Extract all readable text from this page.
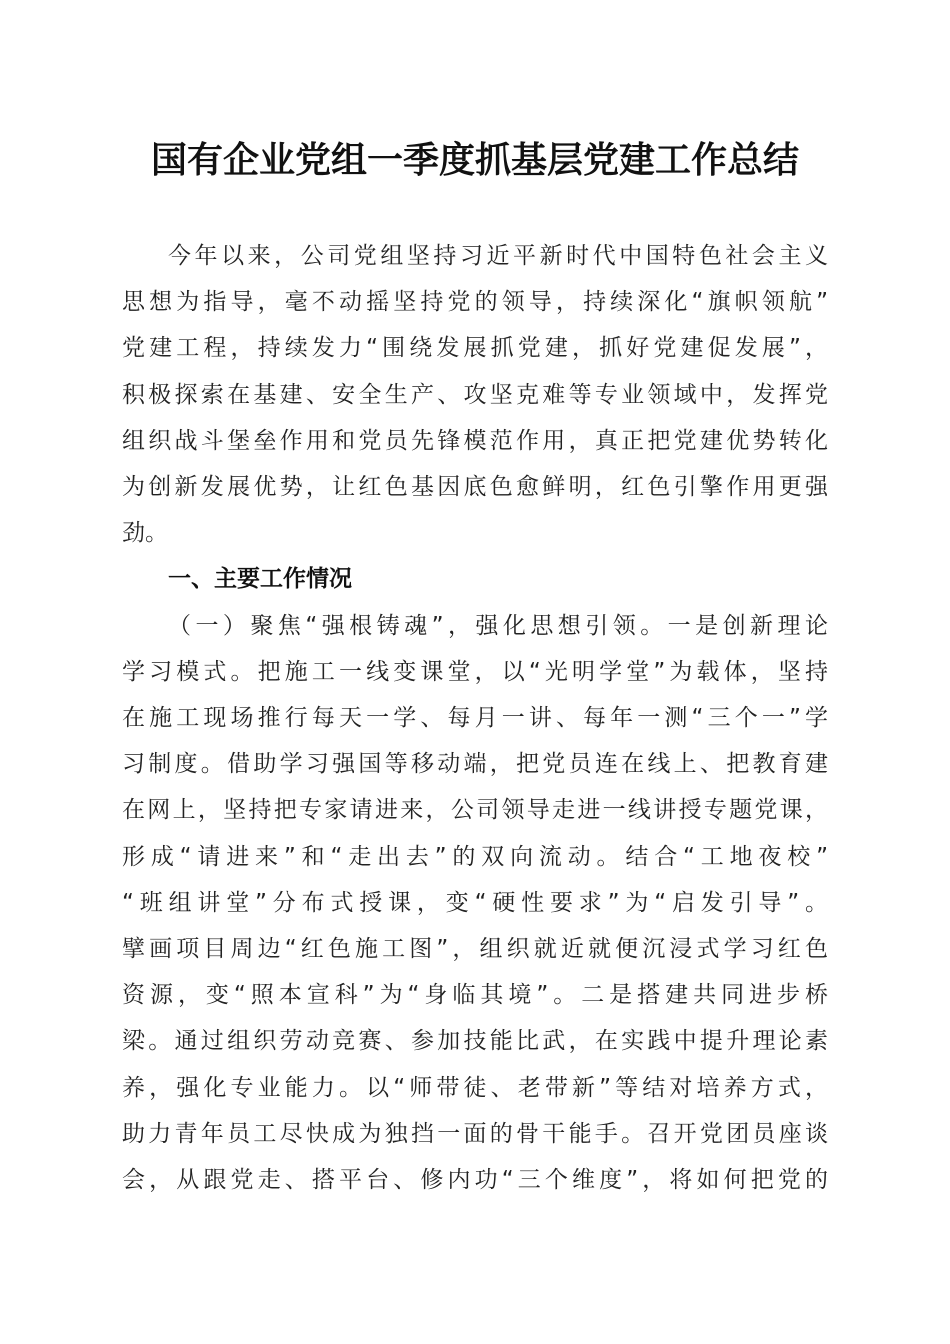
国有企业党组一季度抓基层党建工作总结

今年以来，公司党组坚持习近平新时代中国特色社会主义

思想为指导，毫不动摇坚持党的领导，持续深化“旗帜领航”

党建工程，持续发力“围绕发展抓党建，抓好党建促发展”，

积极探索在基建、安全生产、攻坚克难等专业领域中，发挥党

组织战斗堡垒作用和党员先锋模范作用，真正把党建优势转化

为创新发展优势，让红色基因底色愈鲜明，红色引擎作用更强

劲。

一、主要工作情况

（一）聚焦“强根铸魂”，强化思想引领。一是创新理论

学习模式。把施工一线变课堂，以“光明学堂”为载体，坚持

在施工现场推行每天一学、每月一讲、每年一测“三个一”学

习制度。借助学习强国等移动端，把党员连在线上、把教育建

在网上，坚持把专家请进来，公司领导走进一线讲授专题党课，

形成“请进来”和“走出去”的双向流动。结合“工地夜校”

“班组讲堂”分布式授课，变“硬性要求”为“启发引导”。

擘画项目周边“红色施工图”，组织就近就便沉浸式学习红色

资源，变“照本宣科”为“身临其境”。二是搭建共同进步桥

梁。通过组织劳动竞赛、参加技能比武，在实践中提升理论素

养，强化专业能力。以“师带徒、老带新”等结对培养方式，

助力青年员工尽快成为独挡一面的骨干能手。召开党团员座谈

会，从跟党走、搭平台、修内功“三个维度”，将如何把党的
